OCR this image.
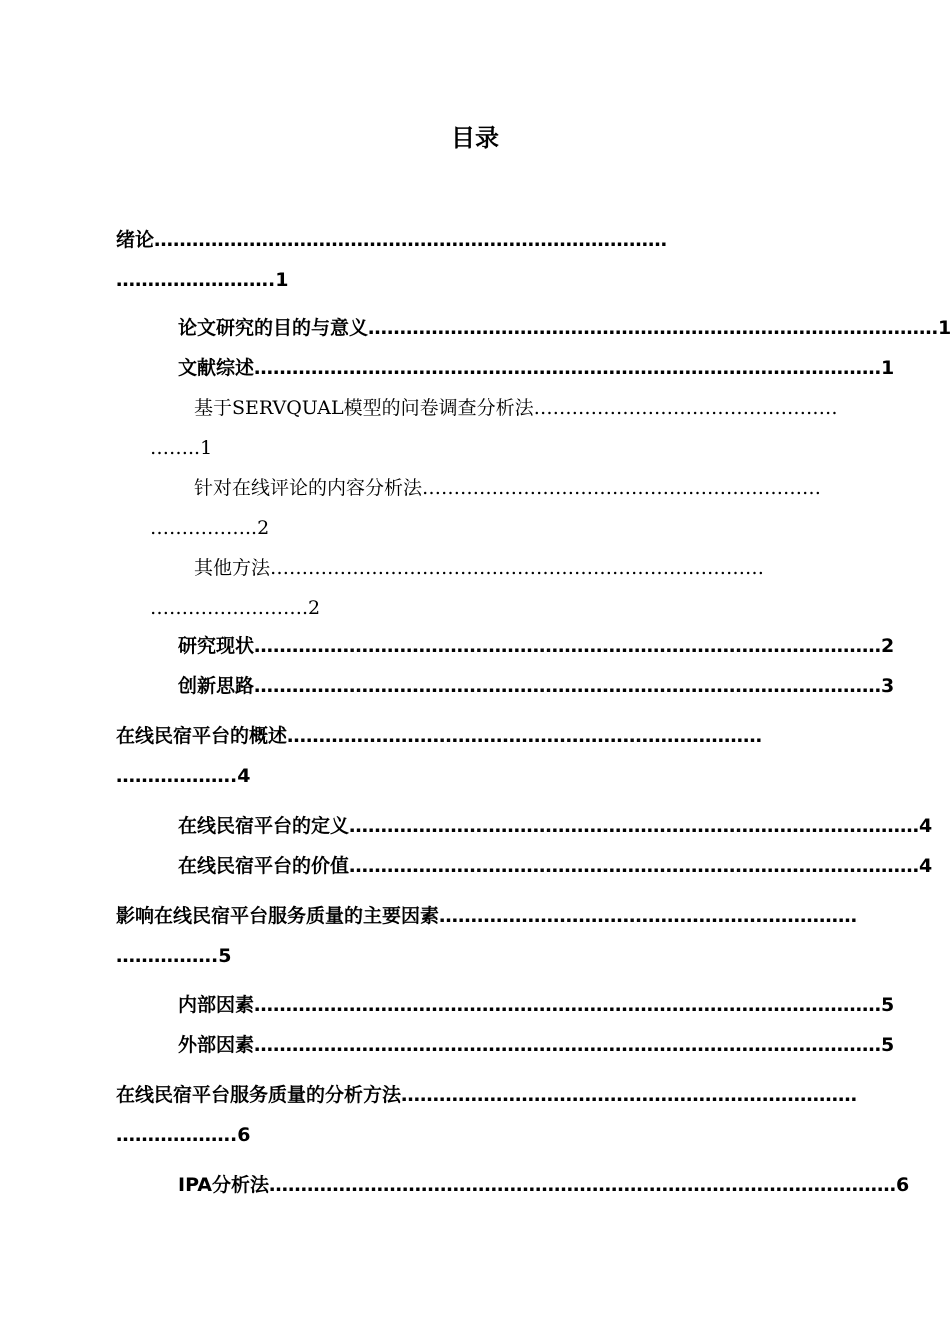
目录
绪论………………………………………………………………………
…………………….1
论文研究的目的与意义 ……………………………………………………………………………… 1
文献综述 ……………………………………………………………………………………… 1
基于SERVQUAL模型的问卷调查分析法…………………………………………
……..1
针对在线评论的内容分析法………………………………………………………
……………..2
其他方法……………………………………………………………………
…………………….2
研究现状 ……………………………………………………………………………………… 2
创新思路 ……………………………………………………………………………………… 3
在线民宿平台的概述…………………………………………………………………
……………….4
在线民宿平台的定义 ……………………………………………………………………………… 4
在线民宿平台的价值 ……………………………………………………………………………… 4
影响在线民宿平台服务质量的主要因素…………………………………………………………
…………….5
内部因素 ……………………………………………………………………………………… 5
外部因素 ……………………………………………………………………………………… 5
在线民宿平台服务质量的分析方法………………………………………………………………
……………….6
IPA分析法 ……………………………………………………………………………………… 6
